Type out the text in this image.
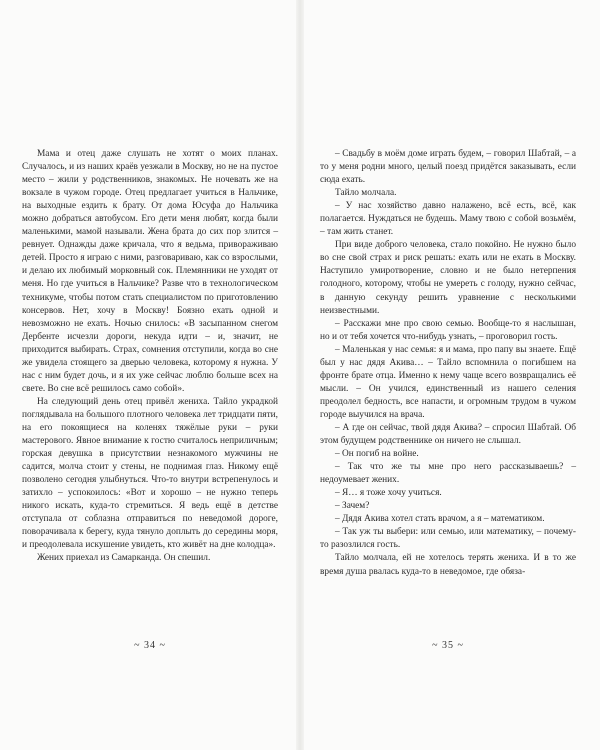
Мама и отец даже слушать не хотят о моих планах. Случалось, и из наших краёв уезжали в Москву, но не на пустое место – жили у родственников, знакомых. Не ночевать же на вокзале в чужом городе. Отец предлагает учиться в Нальчике, на выходные ездить к брату. От дома Юсуфа до Нальчика можно добраться автобусом. Его дети меня любят, когда были маленькими, мамой называли. Жена брата до сих пор злится – ревнует. Однажды даже кричала, что я ведьма, привораживаю детей. Просто я играю с ними, разговариваю, как со взрослыми, и делаю их любимый морковный сок. Племянники не уходят от меня. Но где учиться в Нальчике? Разве что в технологическом техникуме, чтобы потом стать специалистом по приготовлению консервов. Нет, хочу в Москву! Боязно ехать одной и невозможно не ехать. Ночью снилось: «В засыпанном снегом Дербенте исчезли дороги, некуда идти – и, значит, не приходится выбирать. Страх, сомнения отступили, когда во сне же увидела стоящего за дверью человека, которому я нужна. У нас с ним будет дочь, и я их уже сейчас люблю больше всех на свете. Во сне всё решилось само собой».

На следующий день отец привёл жениха. Тайло украдкой поглядывала на большого плотного человека лет тридцати пяти, на его покоящиеся на коленях тяжёлые руки – руки мастерового. Явное внимание к гостю считалось неприличным; горская девушка в присутствии незнакомого мужчины не садится, молча стоит у стены, не поднимая глаз. Никому ещё позволено сегодня улыбнуться. Что-то внутри встрепенулось и затихло – успокоилось: «Вот и хорошо – не нужно теперь никого искать, куда-то стремиться. Я ведь ещё в детстве отступала от соблазна отправиться по неведомой дороге, поворачивала к берегу, куда тянуло доплыть до середины моря, и преодолевала искушение увидеть, кто живёт на дне колодца».

Жених приехал из Самарканда. Он спешил.

~ 34 ~

– Свадьбу в моём доме играть будем, – говорил Шабтай, – а то у меня родни много, целый поезд придётся заказывать, если сюда ехать.

Тайло молчала.

– У нас хозяйство давно налажено, всё есть, всё, как полагается. Нуждаться не будешь. Маму твою с собой возьмём, – там жить станет.

При виде доброго человека, стало покойно. Не нужно было во сне свой страх и риск решать: ехать или не ехать в Москву. Наступило умиротворение, словно и не было нетерпения голодного, которому, чтобы не умереть с голоду, нужно сейчас, в данную секунду решить уравнение с несколькими неизвестными.

– Расскажи мне про свою семью. Вообще-то я наслышан, но и от тебя хочется что-нибудь узнать, – проговорил гость.

– Маленькая у нас семья: я и мама, про папу вы знаете. Ещё был у нас дядя Акива… – Тайло вспомнила о погибшем на фронте брате отца. Именно к нему чаще всего возвращались её мысли. – Он учился, единственный из нашего селения преодолел бедность, все напасти, и огромным трудом в чужом городе выучился на врача.

– А где он сейчас, твой дядя Акива? – спросил Шабтай. Об этом будущем родственнике он ничего не слышал.

– Он погиб на войне.

– Так что же ты мне про него рассказываешь? – недоумевает жених.

– Я… я тоже хочу учиться.

– Зачем?

– Дядя Акива хотел стать врачом, а я – математиком.

– Так уж ты выбери: или семью, или математику, – почему-то разозлился гость.

Тайло молчала, ей не хотелось терять жениха. И в то же время душа рвалась куда-то в неведомое, где обяза-

~ 35 ~
